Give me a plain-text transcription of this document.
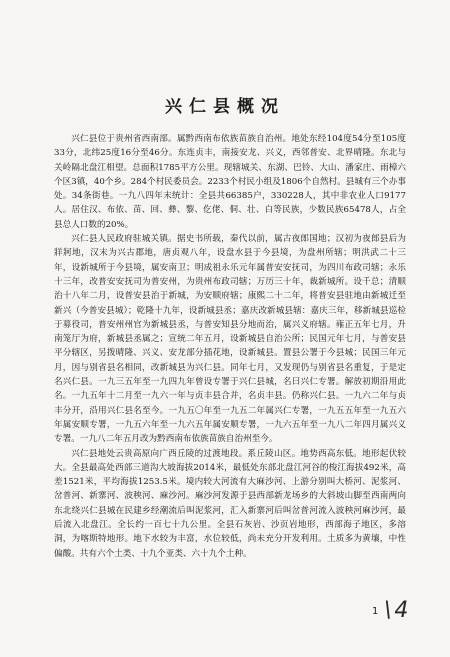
兴仁县概况

兴仁县位于贵州省西南部。属黔西南布依族苗族自治州。地处东经104度54分至105度33分，北纬25度16分至46分。东连贞丰，南接安龙、兴义，西邻普安、北界晴隆。东北与关岭隔北盘江相望。总面积1785平方公里。现辖城关、东湖、巴铃、大山、潘家庄、雨樟六个区3镇，40个乡。284个村民委员会。2233个村民小组及1806个自然村。县城有三个办事处。34条街巷。一九八四年末统计：全县共66385户，330228人，其中非农业人口9177人。居住汉、布依、苗、回、彝、黎、仡佬、侗、壮、白等民族，少数民族65478人，占全县总人口数的20%。

兴仁县人民政府驻城关镇。据史书所载，秦代以前，属古夜郎国地；汉初为夜郎县后为牂牁地，汉末为兴古郡地，唐贞观八年，设盘水县于今县境，为盘州所辖；明洪武二十三年，设新城所于今县境，属安南卫；明成祖永乐元年属普安安抚司，为四川布政司辖；永乐十三年，改普安安抚司为普安州，为贵州布政司辖；万历三十年，裁新城所。设千总；清顺治十八年二月，设普安县治于新城，为安顺府辖；康熙二十二年，将普安县驻地由新城迁至新兴（今普安县城）；乾隆十九年，设新城县丞；嘉庆改新城县辖：嘉庆三年，移新城县巡检于募役司，普安州州官为新城县丞，与普安知县分地而治，属兴义府辖。雍正五年七月，升南笼厅为府，新城县丞属之；宣统二年五月，设新城县自治公所；民国元年七月，与普安县平分辖区，另拨晴隆、兴义、安龙部分插花地，设新城县。置县公署于今县城；民国三年元月，因与别省县名相同，改新城县为兴仁县。同年七月，又发现仍与别省县名重复，于是定名兴仁县。一九三五年至一九四九年曾设专署于兴仁县城，名曰兴仁专署。解放初期沿用此名。一九五年十二月至一九六一年与贞丰县合并，名贞丰县。仍称兴仁县。一九六二年与贞丰分开，沿用兴仁县名至今。一九五〇年至一九五二年属兴仁专署，一九五五年至一九五六年属安顺专署，一九五六年至一九六五年属安顺专署，一九六五年至一九八二年四月属兴义专署。一九八二年五月改为黔西南布依族苗族自治州至今。

兴仁县地处云贵高原向广西丘陵的过渡地段。系丘陵山区。地势西高东低。地形起伏较大。全县最高处西部三道沟大坡海拔2014米，最低处东部北盘江河谷的梭江海拔492米，高差1521米，平均海拔1253.5米。境内较大河流有大麻沙河、上游分别叫大桥河、泥浆河、岔普河、新寨河、波秧河、麻沙河。麻沙河发源于县西部新龙场乡的大斜坡山脚至西南两向东北绕兴仁县城在民建乡经潮流后叫泥浆河，汇入新寨河后叫岔普河流入波秧河麻沙河，最后流入北盘江。全长约一百七十九公里。全县石灰岩、沙页岩地形，西部海子地区，多溶洞，为喀斯特地形。地下水较为丰富，水位较低，尚未充分开发利用。土质多为黄壤，中性偏酸。共有六个土类、十九个亚类、六十九个土种。

1 \ 4
